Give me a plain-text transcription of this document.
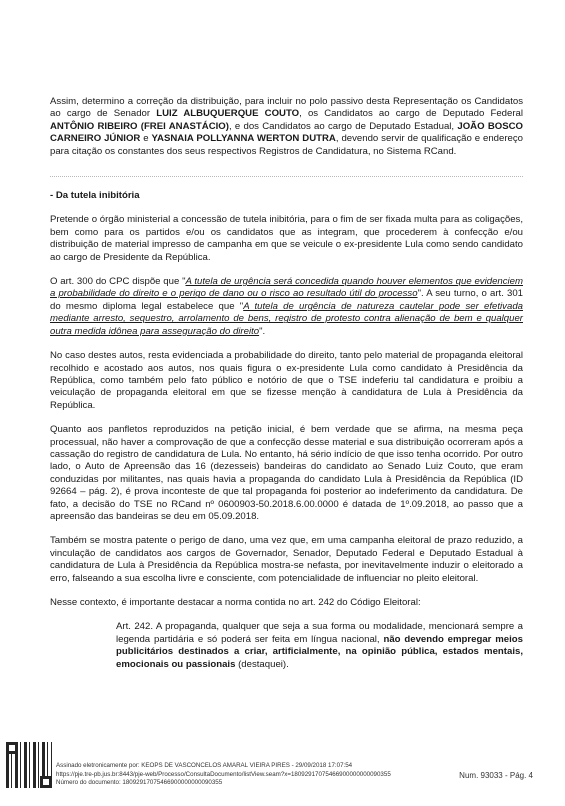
Assim, determino a correção da distribuição, para incluir no polo passivo desta Representação os Candidatos ao cargo de Senador LUIZ ALBUQUERQUE COUTO, os Candidatos ao cargo de Deputado Federal ANTÔNIO RIBEIRO (FREI ANASTÁCIO), e dos Candidatos ao cargo de Deputado Estadual, JOÃO BOSCO CARNEIRO JÚNIOR e YASNAIA POLLYANNA WERTON DUTRA, devendo servir de qualificação e endereço para citação os constantes dos seus respectivos Registros de Candidatura, no Sistema RCand.

- Da tutela inibitória

Pretende o órgão ministerial a concessão de tutela inibitória, para o fim de ser fixada multa para as coligações, bem como para os partidos e/ou os candidatos que as integram, que procederem à confecção e/ou distribuição de material impresso de campanha em que se veicule o ex-presidente Lula como sendo candidato ao cargo de Presidente da República.

O art. 300 do CPC dispõe que "A tutela de urgência será concedida quando houver elementos que evidenciem a probabilidade do direito e o perigo de dano ou o risco ao resultado útil do processo". A seu turno, o art. 301 do mesmo diploma legal estabelece que "A tutela de urgência de natureza cautelar pode ser efetivada mediante arresto, sequestro, arrolamento de bens, registro de protesto contra alienação de bem e qualquer outra medida idônea para asseguração do direito".

No caso destes autos, resta evidenciada a probabilidade do direito, tanto pelo material de propaganda eleitoral recolhido e acostado aos autos, nos quais figura o ex-presidente Lula como candidato à Presidência da República, como também pelo fato público e notório de que o TSE indeferiu tal candidatura e proibiu a veiculação de propaganda eleitoral em que se fizesse menção à candidatura de Lula à Presidência da República.

Quanto aos panfletos reproduzidos na petição inicial, é bem verdade que se afirma, na mesma peça processual, não haver a comprovação de que a confecção desse material e sua distribuição ocorreram após a cassação do registro de candidatura de Lula. No entanto, há sério indício de que isso tenha ocorrido. Por outro lado, o Auto de Apreensão das 16 (dezesseis) bandeiras do candidato ao Senado Luiz Couto, que eram conduzidas por militantes, nas quais havia a propaganda do candidato Lula à Presidência da República (ID 92664 – pág. 2), é prova inconteste de que tal propaganda foi posterior ao indeferimento da candidatura. De fato, a decisão do TSE no RCand nº 0600903-50.2018.6.00.0000 é datada de 1º.09.2018, ao passo que a apreensão das bandeiras se deu em 05.09.2018.

Também se mostra patente o perigo de dano, uma vez que, em uma campanha eleitoral de prazo reduzido, a vinculação de candidatos aos cargos de Governador, Senador, Deputado Federal e Deputado Estadual à candidatura de Lula à Presidência da República mostra-se nefasta, por inevitavelmente induzir o eleitorado a erro, falseando a sua escolha livre e consciente, com potencialidade de influenciar no pleito eleitoral.

Nesse contexto, é importante destacar a norma contida no art. 242 do Código Eleitoral:

Art. 242. A propaganda, qualquer que seja a sua forma ou modalidade, mencionará sempre a legenda partidária e só poderá ser feita em língua nacional, não devendo empregar meios publicitários destinados a criar, artificialmente, na opinião pública, estados mentais, emocionais ou passionais (destaquei).

Assinado eletronicamente por: KEOPS DE VASCONCELOS AMARAL VIEIRA PIRES - 29/09/2018 17:07:54
https://pje.tre-pb.jus.br:8443/pje-web/Processo/ConsultaDocumento/listView.seam?x=18092917075466900000000090355
Número do documento: 18092917075466900000000090355
Num. 93033 - Pág. 4
